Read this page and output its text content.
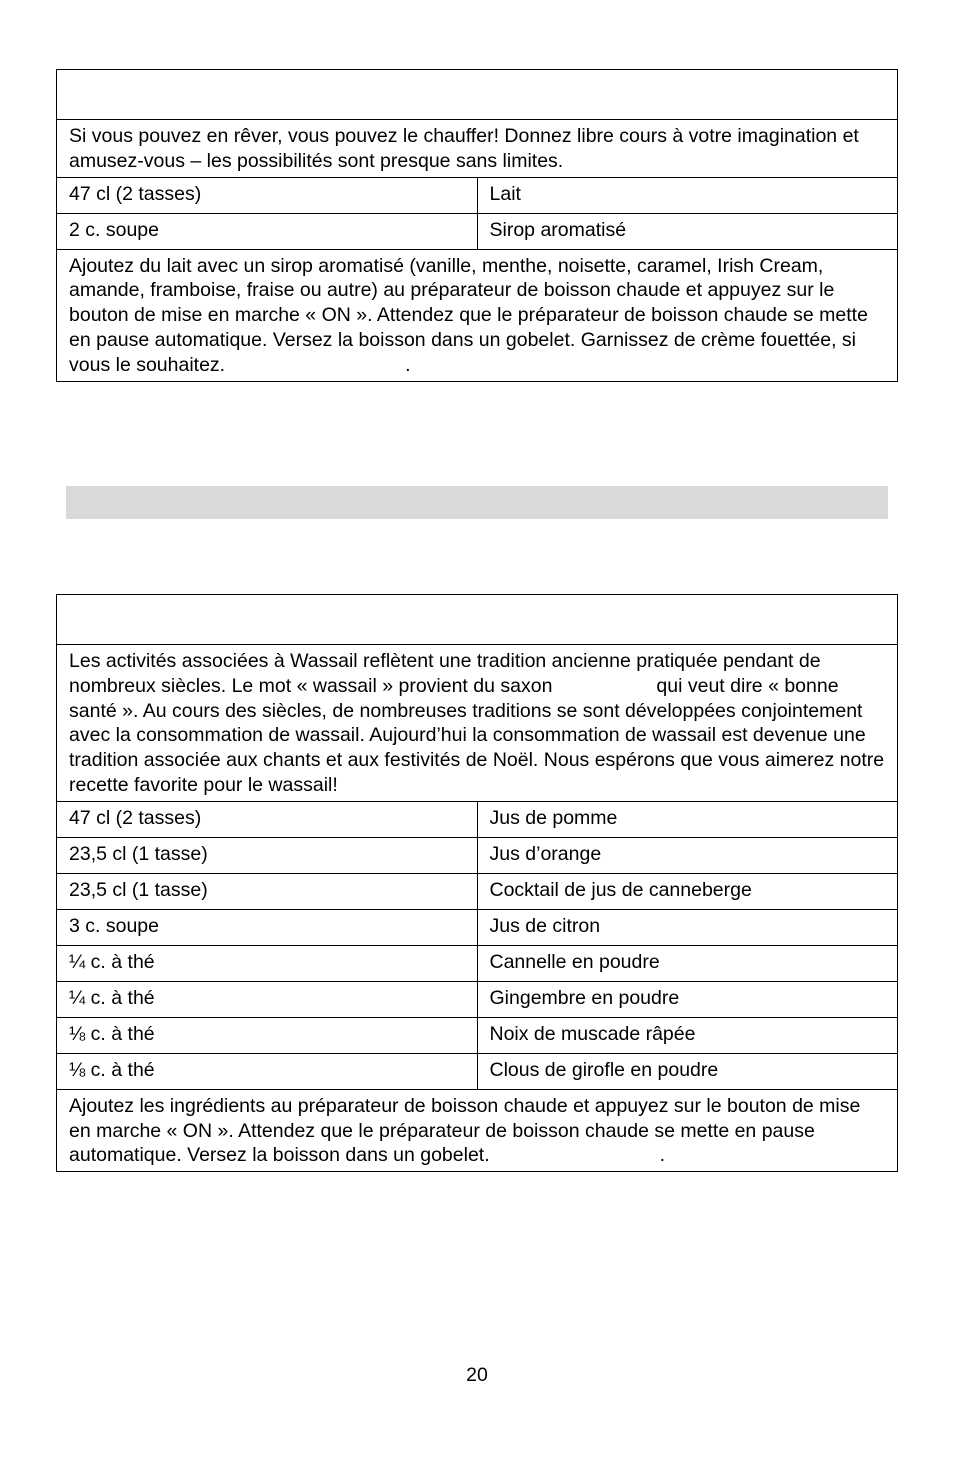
Si vous pouvez en rêver, vous pouvez le chauffer! Donnez libre cours à votre imagination et amusez-vous – les possibilités sont presque sans limites.	
47 cl (2 tasses)	Lait
2 c. soupe	Sirop aromatisé
Ajoutez du lait avec un sirop aromatisé (vanille, menthe, noisette, caramel, Irish Cream, amande, framboise, fraise ou autre) au préparateur de boisson chaude et appuyez sur le bouton de mise en marche « ON ». Attendez que le préparateur de boisson chaude se mette en pause automatique. Versez la boisson dans un gobelet. Garnissez de crème fouettée, si vous le souhaitez. .	

Les activités associées à Wassail reflètent une tradition ancienne pratiquée pendant de nombreux siècles. Le mot « wassail » provient du saxon qui veut dire « bonne santé ». Au cours des siècles, de nombreuses traditions se sont développées conjointement avec la consommation de wassail. Aujourd’hui la consommation de wassail est devenue une tradition associée aux chants et aux festivités de Noël. Nous espérons que vous aimerez notre recette favorite pour le wassail!	
47 cl (2 tasses)	Jus de pomme
23,5 cl (1 tasse)	Jus d’orange
23,5 cl (1 tasse)	Cocktail de jus de canneberge
3 c. soupe	Jus de citron
¼ c. à thé	Cannelle en poudre
¼ c. à thé	Gingembre en poudre
⅛ c. à thé	Noix de muscade râpée
⅛ c. à thé	Clous de girofle en poudre
Ajoutez les ingrédients au préparateur de boisson chaude et appuyez sur le bouton de mise en marche « ON ». Attendez que le préparateur de boisson chaude se mette en pause automatique. Versez la boisson dans un gobelet. .	
20
